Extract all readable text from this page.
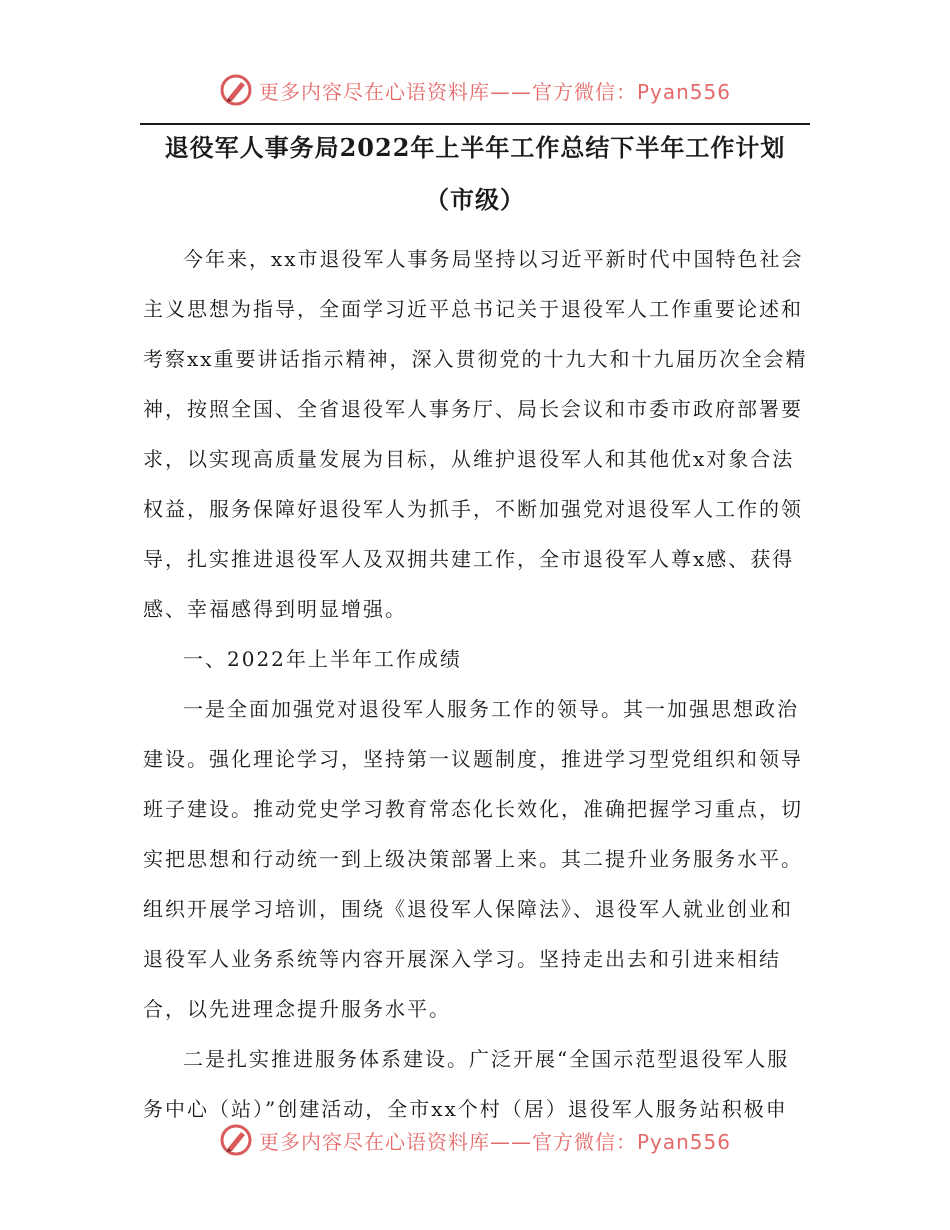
更多内容尽在心语资料库——官方微信：Pyan556
退役军人事务局2022年上半年工作总结下半年工作计划
（市级）

今年来，xx市退役军人事务局坚持以习近平新时代中国特色社会主义思想为指导，全面学习近平总书记关于退役军人工作重要论述和考察xx重要讲话指示精神，深入贯彻党的十九大和十九届历次全会精神，按照全国、全省退役军人事务厅、局长会议和市委市政府部署要求，以实现高质量发展为目标，从维护退役军人和其他优x对象合法权益，服务保障好退役军人为抓手，不断加强党对退役军人工作的领导，扎实推进退役军人及双拥共建工作，全市退役军人尊x感、获得感、幸福感得到明显增强。

一、2022年上半年工作成绩

一是全面加强党对退役军人服务工作的领导。其一加强思想政治建设。强化理论学习，坚持第一议题制度，推进学习型党组织和领导班子建设。推动党史学习教育常态化长效化，准确把握学习重点，切实把思想和行动统一到上级决策部署上来。其二提升业务服务水平。组织开展学习培训，围绕《退役军人保障法》、退役军人就业创业和退役军人业务系统等内容开展深入学习。坚持走出去和引进来相结合，以先进理念提升服务水平。

二是扎实推进服务体系建设。广泛开展“全国示范型退役军人服务中心（站）”创建活动，全市xx个村（居）退役军人服务站积极申

更多内容尽在心语资料库——官方微信：Pyan556
